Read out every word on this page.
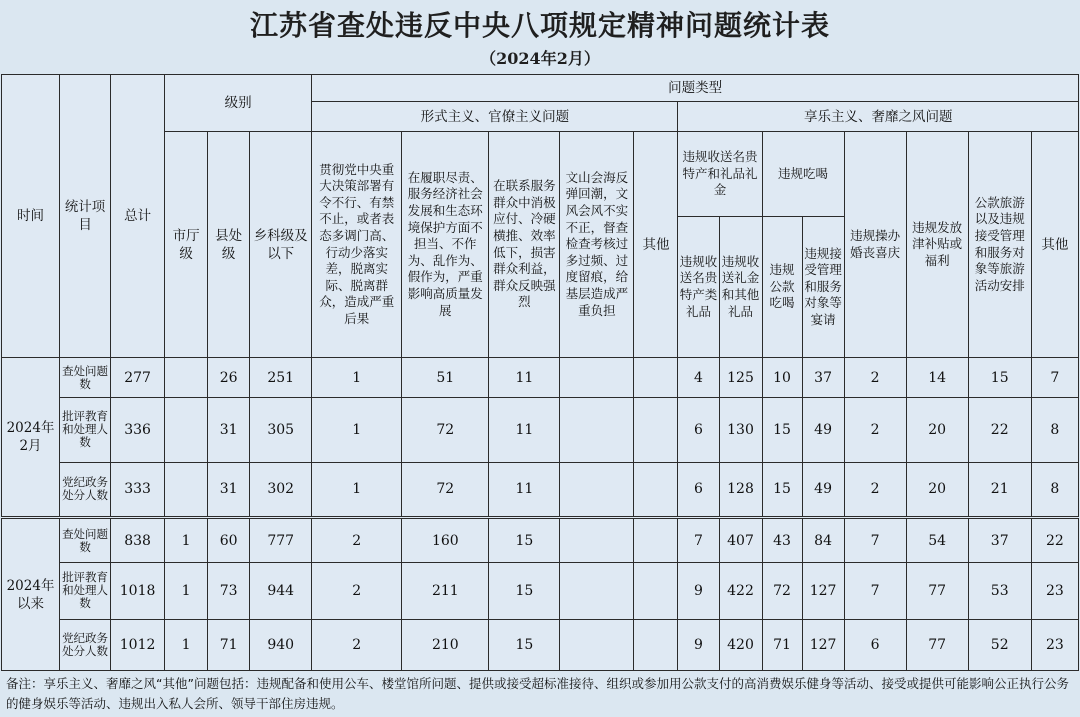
江苏省查处违反中央八项规定精神问题统计表
（2024年2月）
时间	统计项目	总计	级别			问题类型												
						形式主义、官僚主义问题					享乐主义、奢靡之风问题							
			市厅级	县处级	乡科级及以下	贯彻党中央重大决策部署有令不行、有禁不止，或者表态多调门高、行动少落实差，脱离实际、脱离群众，造成严重后果	在履职尽责、服务经济社会发展和生态环境保护方面不担当、不作为、乱作为、假作为，严重影响高质量发展	在联系服务群众中消极应付、冷硬横推、效率低下，损害群众利益，群众反映强烈	文山会海反弹回潮，文风会风不实不正，督查检查考核过多过频、过度留痕，给基层造成严重负担	其他	违规收送名贵特产和礼品礼金		违规吃喝		违规操办婚丧喜庆	违规发放津补贴或福利	公款旅游以及违规接受管理和服务对象等旅游活动安排	其他
											违规收送名贵特产类礼品	违规收送礼金和其他礼品	违规公款吃喝	违规接受管理和服务对象等宴请				
2024年2月	查处问题数	277		26	251	1	51	11			4	125	10	37	2	14	15	7
	批评教育和处理人数	336		31	305	1	72	11			6	130	15	49	2	20	22	8
	党纪政务处分人数	333		31	302	1	72	11			6	128	15	49	2	20	21	8
2024年以来	查处问题数	838	1	60	777	2	160	15			7	407	43	84	7	54	37	22
	批评教育和处理人数	1018	1	73	944	2	211	15			9	422	72	127	7	77	53	23
	党纪政务处分人数	1012	1	71	940	2	210	15			9	420	71	127	6	77	52	23
备注：享乐主义、奢靡之风“其他”问题包括：违规配备和使用公车、楼堂馆所问题、提供或接受超标准接待、组织或参加用公款支付的高消费娱乐健身等活动、接受或提供可能影响公正执行公务的健身娱乐等活动、违规出入私人会所、领导干部住房违规。
